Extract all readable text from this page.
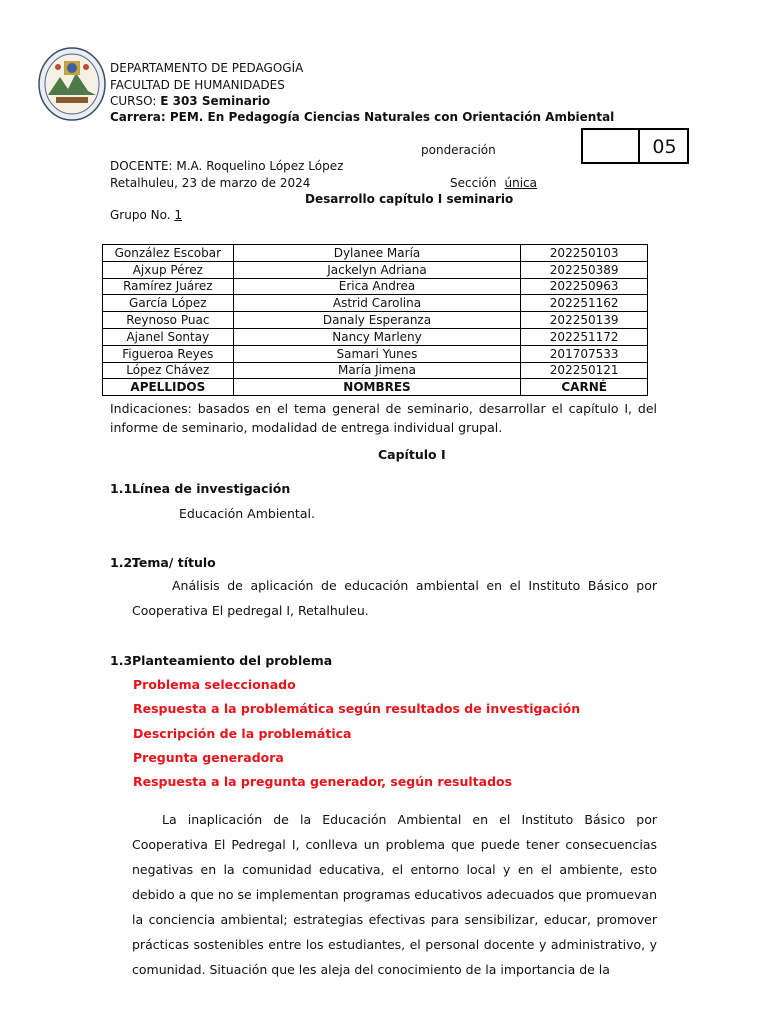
DEPARTAMENTO DE PEDAGOGÍA
FACULTAD DE HUMANIDADES
CURSO: E 303 Seminario
Carrera: PEM. En Pedagogía Ciencias Naturales con Orientación Ambiental
ponderación	05
DOCENTE: M.A. Roquelino López López
Retalhuleu, 23 de marzo de 2024	Sección única
Desarrollo capítulo I seminario
Grupo No. 1
González Escobar	Dylanee María	202250103
Ajxup Pérez	Jackelyn Adriana	202250389
Ramírez Juárez	Erica Andrea	202250963
García López	Astrid Carolina	202251162
Reynoso Puac	Danaly Esperanza	202250139
Ajanel Sontay	Nancy Marleny	202251172
Figueroa Reyes	Samari Yunes	201707533
López Chávez	María Jimena	202250121
APELLIDOS	NOMBRES	CARNÉ
Indicaciones: basados en el tema general de seminario, desarrollar el capítulo I, del informe de seminario, modalidad de entrega individual grupal.
Capítulo I
1.1.Línea de investigación
Educación Ambiental.
1.2.Tema/ título
Análisis de aplicación de educación ambiental en el Instituto Básico por Cooperativa El pedregal I, Retalhuleu.
1.3.Planteamiento del problema
Problema seleccionado
Respuesta a la problemática según resultados de investigación
Descripción de la problemática
Pregunta generadora
Respuesta a la pregunta generador, según resultados
La inaplicación de la Educación Ambiental en el Instituto Básico por Cooperativa El Pedregal I, conlleva un problema que puede tener consecuencias negativas en la comunidad educativa, el entorno local y en el ambiente, esto debido a que no se implementan programas educativos adecuados que promuevan la conciencia ambiental; estrategias efectivas para sensibilizar, educar, promover prácticas sostenibles entre los estudiantes, el personal docente y administrativo, y comunidad. Situación que les aleja del conocimiento de la importancia de la
